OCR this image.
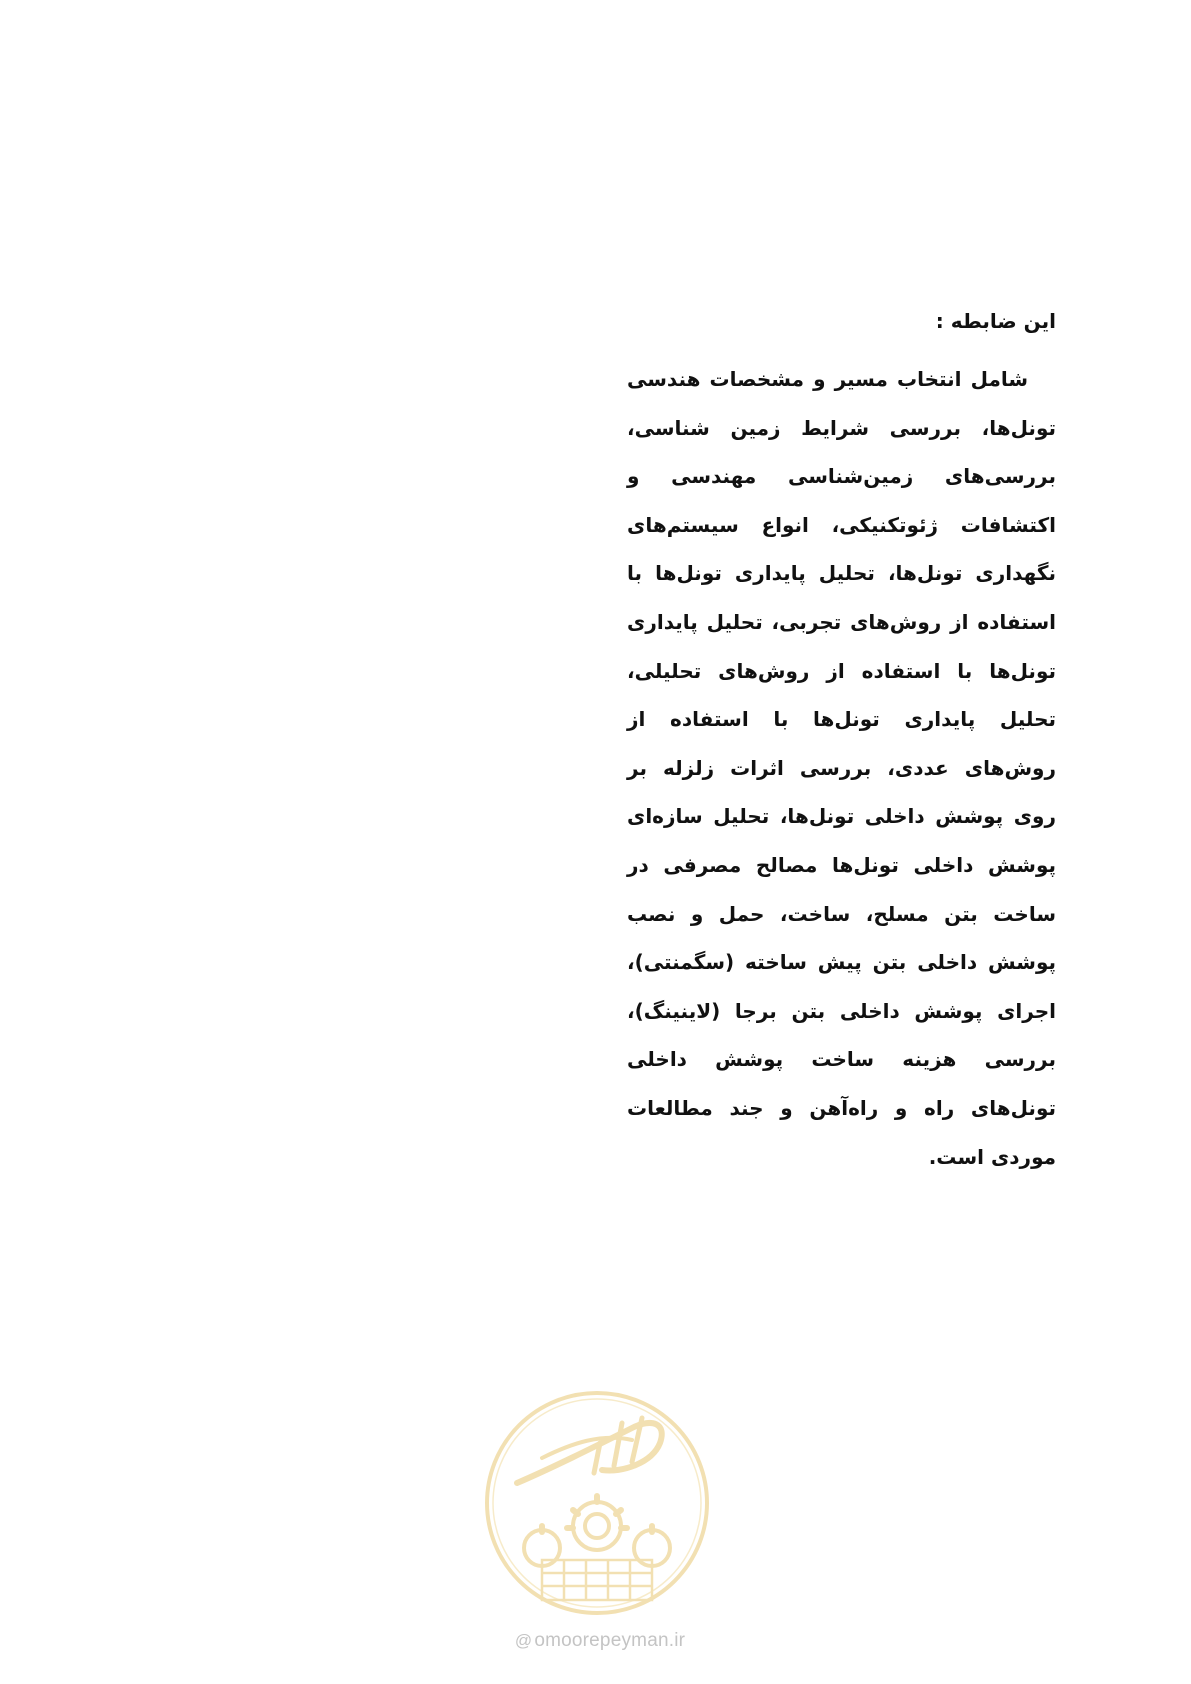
این ضابطه :

شامل انتخاب مسیر و مشخصات هندسی تونل‌ها، بررسی شرایط زمین شناسی، بررسی‌های زمین‌شناسی مهندسی و اکتشافات ژئوتکنیکی، انواع سیستم‌های نگهداری تونل‌ها، تحلیل پایداری تونل‌ها با استفاده از روش‌های تجربی، تحلیل پایداری تونل‌ها با استفاده از روش‌های تحلیلی، تحلیل پایداری تونل‌ها با استفاده از روش‌های عددی، بررسی اثرات زلزله بر روی پوشش داخلی تونل‌ها، تحلیل سازه‌ای پوشش داخلی تونل‌ها مصالح مصرفی در ساخت بتن مسلح، ساخت، حمل و نصب پوشش داخلی بتن پیش ساخته (سگمنتی)، اجرای پوشش داخلی بتن برجا (لاینینگ)، بررسی هزینه ساخت پوشش داخلی تونل‌های راه و راه‌آهن و جند مطالعات موردی است.

@ omoorepeyman.ir
